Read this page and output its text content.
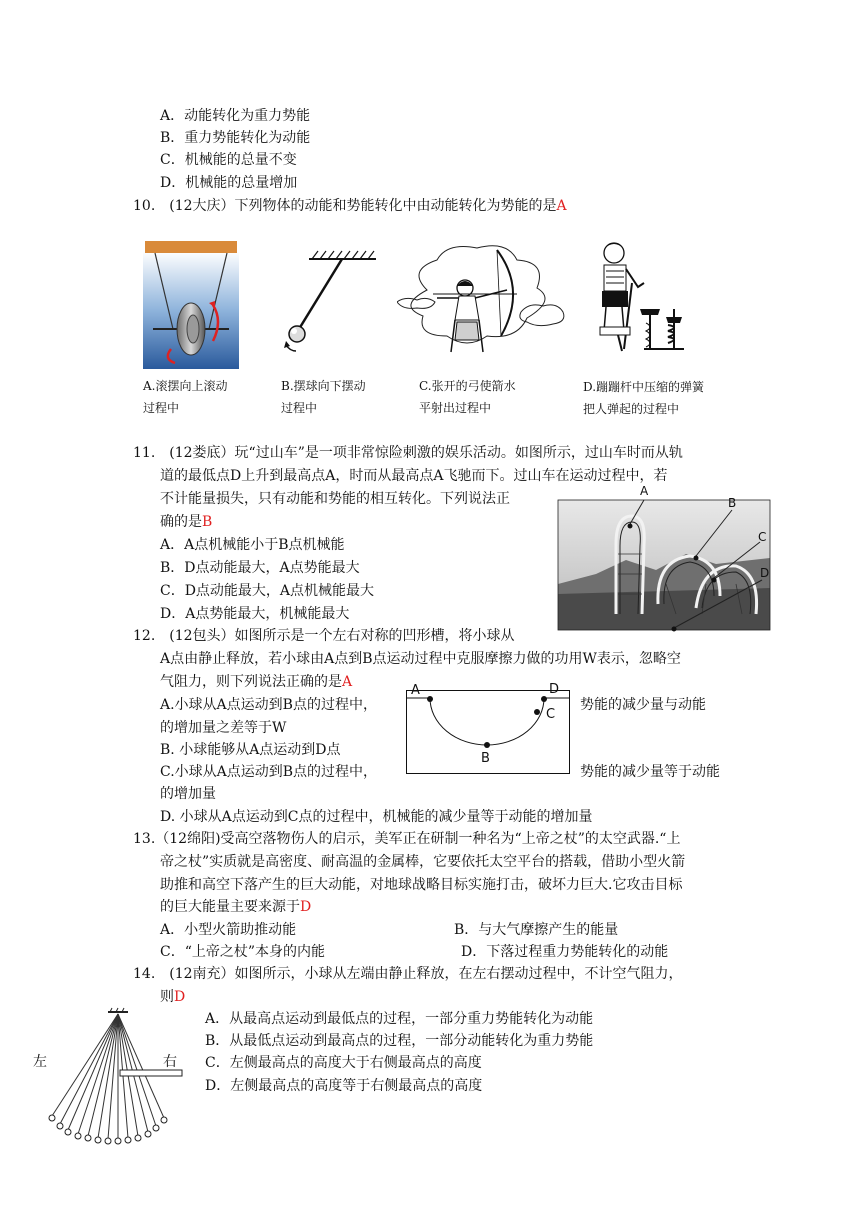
A．动能转化为重力势能
B．重力势能转化为动能
C．机械能的总量不变
D．机械能的总量增加
10.　(12大庆）下列物体的动能和势能转化中由动能转化为势能的是A
A.滚摆向上滚动
过程中
B.摆球向下摆动
过程中
C.张开的弓使箭水
平射出过程中
D.蹦蹦杆中压缩的弹簧
把人弹起的过程中
11.　(12娄底）玩“过山车”是一项非常惊险刺激的娱乐活动。如图所示，过山车时而从轨
道的最低点D上升到最高点A，时而从最高点A飞驰而下。过山车在运动过程中，若
不计能量损失，只有动能和势能的相互转化。下列说法正
确的是B
A．A点机械能小于B点机械能
B．D点动能最大，A点势能最大
C．D点动能最大，A点机械能最大
D．A点势能最大，机械能最大
A
B
C
D
12.　(12包头）如图所示是一个左右对称的凹形槽，将小球从
A点由静止释放，若小球由A点到B点运动过程中克服摩擦力做的功用W表示，忽略空
气阻力，则下列说法正确的是A
A.小球从A点运动到B点的过程中，	势能的减少量与动能
的增加量之差等于W
B. 小球能够从A点运动到D点
C.小球从A点运动到B点的过程中，	势能的减少量等于动能
的增加量
D. 小球从A点运动到C点的过程中，机械能的减少量等于动能的增加量
A
B
C
D
13.（12绵阳)受高空落物伤人的启示，美军正在研制一种名为“上帝之杖”的太空武器.“上
帝之杖”实质就是高密度、耐高温的金属棒，它要依托太空平台的搭载，借助小型火箭
助推和高空下落产生的巨大动能，对地球战略目标实施打击，破坏力巨大.它攻击目标
的巨大能量主要来源于D
A．小型火箭助推动能	B．与大气摩擦产生的能量
C．“上帝之杖”本身的内能	D．下落过程重力势能转化的动能
14.　(12南充）如图所示，小球从左端由静止释放，在左右摆动过程中，不计空气阻力，
则D
A．从最高点运动到最低点的过程，一部分重力势能转化为动能
B．从最低点运动到最高点的过程，一部分动能转化为重力势能
C．左侧最高点的高度大于右侧最高点的高度
D．左侧最高点的高度等于右侧最高点的高度
左	右
